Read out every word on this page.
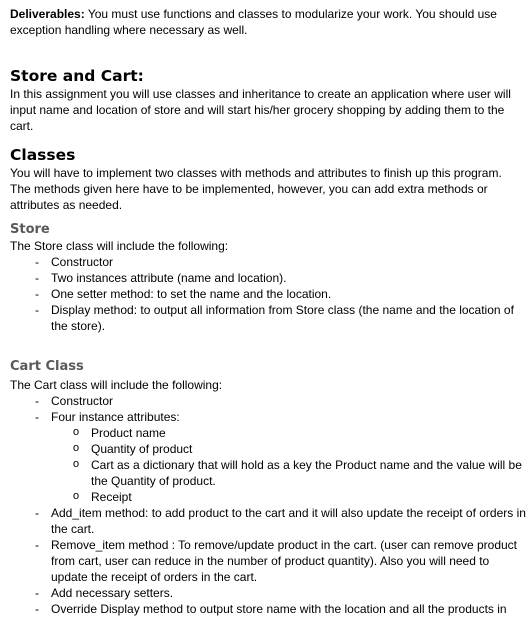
Deliverables: You must use functions and classes to modularize your work. You should use exception handling where necessary as well.

Store and Cart:

In this assignment you will use classes and inheritance to create an application where user will input name and location of store and will start his/her grocery shopping by adding them to the cart.

Classes

You will have to implement two classes with methods and attributes to finish up this program. The methods given here have to be implemented, however, you can add extra methods or attributes as needed.

Store

The Store class will include the following:

- Constructor
- Two instances attribute (name and location).
- One setter method: to set the name and the location.
- Display method: to output all information from Store class (the name and the location of the store).
Cart Class

The Cart class will include the following:

- Constructor
- Four instance attributes:
o Product name
o Quantity of product
o Cart as a dictionary that will hold as a key the Product name and the value will be the Quantity of product.
o Receipt
- Add_item method: to add product to the cart and it will also update the receipt of orders in the cart.
- Remove_item method : To remove/update product in the cart. (user can remove product from cart, user can reduce in the number of product quantity). Also you will need to update the receipt of orders in the cart.
- Add necessary setters.
- Override Display method to output store name with the location and all the products in
